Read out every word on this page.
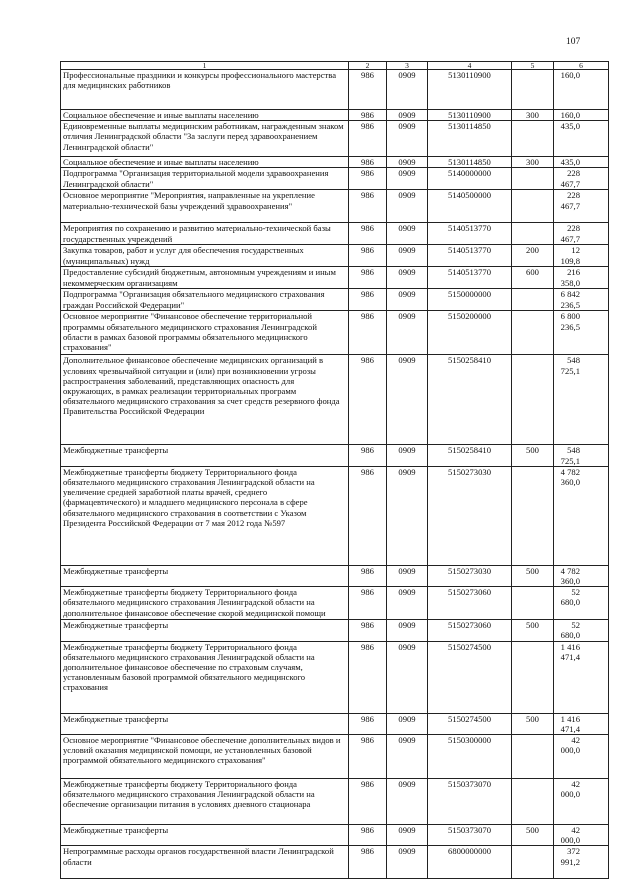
107
1	2	3	4	5	6
Профессиональные праздники и конкурсы профессионального мастерства для медицинских работников	986	0909	5130110900		160,0
Социальное обеспечение и иные выплаты населению	986	0909	5130110900	300	160,0
Единовременные выплаты медицинским работникам, награжденным знаком отличия Ленинградской области "За заслуги перед здравоохранением Ленинградской области"	986	0909	5130114850		435,0
Социальное обеспечение и иные выплаты населению	986	0909	5130114850	300	435,0
Подпрограмма "Организация территориальной модели здравоохранения Ленинградской области"	986	0909	5140000000		228 467,7
Основное мероприятие "Мероприятия, направленные на укрепление материально-технической базы учреждений здравоохранения"	986	0909	5140500000		228 467,7
Мероприятия по сохранению и развитию материально-технической базы государственных учреждений	986	0909	5140513770		228 467,7
Закупка товаров, работ и услуг для обеспечения государственных (муниципальных) нужд	986	0909	5140513770	200	12 109,8
Предоставление субсидий бюджетным, автономным учреждениям и иным некоммерческим организациям	986	0909	5140513770	600	216 358,0
Подпрограмма "Организация обязательного медицинского страхования граждан Российской Федерации"	986	0909	5150000000		6 842 236,5
Основное мероприятие "Финансовое обеспечение территориальной программы обязательного медицинского страхования Ленинградской области в рамках базовой программы обязательного медицинского страхования"	986	0909	5150200000		6 800 236,5
Дополнительное финансовое обеспечение медицинских организаций в условиях чрезвычайной ситуации и (или) при возникновении угрозы распространения заболеваний, представляющих опасность для окружающих, в рамках реализации территориальных программ обязательного медицинского страхования за счет средств резервного фонда Правительства Российской Федерации	986	0909	5150258410		548 725,1
Межбюджетные трансферты	986	0909	5150258410	500	548 725,1
Межбюджетные трансферты бюджету Территориального фонда обязательного медицинского страхования Ленинградской области на увеличение средней заработной платы врачей, среднего (фармацевтического) и младшего медицинского персонала в сфере обязательного медицинского страхования в соответствии с Указом Президента Российской Федерации от 7 мая 2012 года №597	986	0909	5150273030		4 782 360,0
Межбюджетные трансферты	986	0909	5150273030	500	4 782 360,0
Межбюджетные трансферты бюджету Территориального фонда обязательного медицинского страхования Ленинградской области на дополнительное финансовое обеспечение скорой медицинской помощи	986	0909	5150273060		52 680,0
Межбюджетные трансферты	986	0909	5150273060	500	52 680,0
Межбюджетные трансферты бюджету Территориального фонда обязательного медицинского страхования Ленинградской области на дополнительное финансовое обеспечение по страховым случаям, установленным базовой программой обязательного медицинского страхования	986	0909	5150274500		1 416 471,4
Межбюджетные трансферты	986	0909	5150274500	500	1 416 471,4
Основное мероприятие "Финансовое обеспечение дополнительных видов и условий оказания медицинской помощи, не установленных базовой программой обязательного медицинского страхования"	986	0909	5150300000		42 000,0
Межбюджетные трансферты бюджету Территориального фонда обязательного медицинского страхования Ленинградской области на обеспечение организации питания в условиях дневного стационара	986	0909	5150373070		42 000,0
Межбюджетные трансферты	986	0909	5150373070	500	42 000,0
Непрограммные расходы органов государственной власти Ленинградской области	986	0909	6800000000		372 991,2
